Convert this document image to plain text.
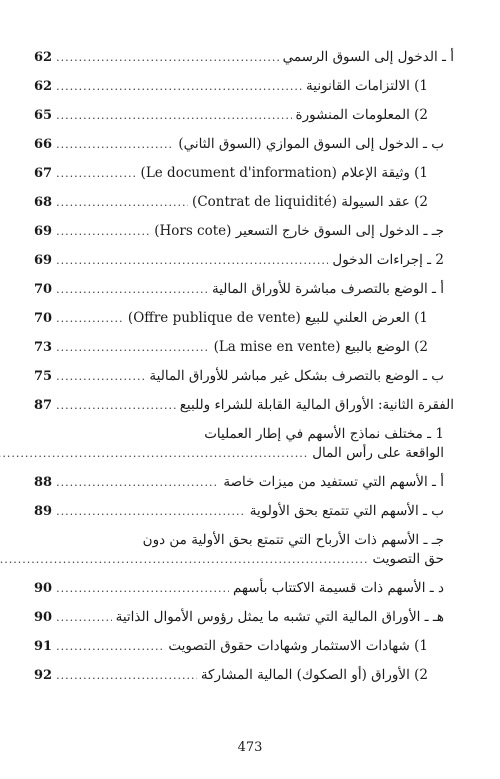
أ ـ الدخول إلى السوق الرسمي
.....
62
1) الالتزامات القانونية
.....
62
2) المعلومات المنشورة
.....
65
ب ـ الدخول إلى السوق الموازي (السوق الثاني)
.....
66
1) وثيقة الإعلام (Le document d'information)
.....
67
2) عقد السيولة (Contrat de liquidité)
.....
68
جـ ـ الدخول إلى السوق خارج التسعير (Hors cote)
.....
69
2 ـ إجراءات الدخول
.....
69
أ ـ الوضع بالتصرف مباشرة للأوراق المالية
.....
70
1) العرض العلني للبيع (Offre publique de vente)
.....
70
2) الوضع بالبيع (La mise en vente)
.....
73
ب ـ الوضع بالتصرف بشكل غير مباشر للأوراق المالية
.....
75
الفقرة الثانية: الأوراق المالية القابلة للشراء وللبيع
.....
87
1 ـ مختلف نماذج الأسهم في إطار العمليات
الواقعة على رأس المال
.....
أ ـ الأسهم التي تستفيد من ميزات خاصة
.....
88
ب ـ الأسهم التي تتمتع بحق الأولوية
.....
89
جـ ـ الأسهم ذات الأرباح التي تتمتع بحق الأولية من دون
حق التصويت
.....
د ـ الأسهم ذات قسيمة الاكتتاب بأسهم
.....
90
هـ ـ الأوراق المالية التي تشبه ما يمثل رؤوس الأموال الذاتية
.....
90
1) شهادات الاستثمار وشهادات حقوق التصويت
.....
91
2) الأوراق (أو الصكوك) المالية المشاركة
.....
92
473
